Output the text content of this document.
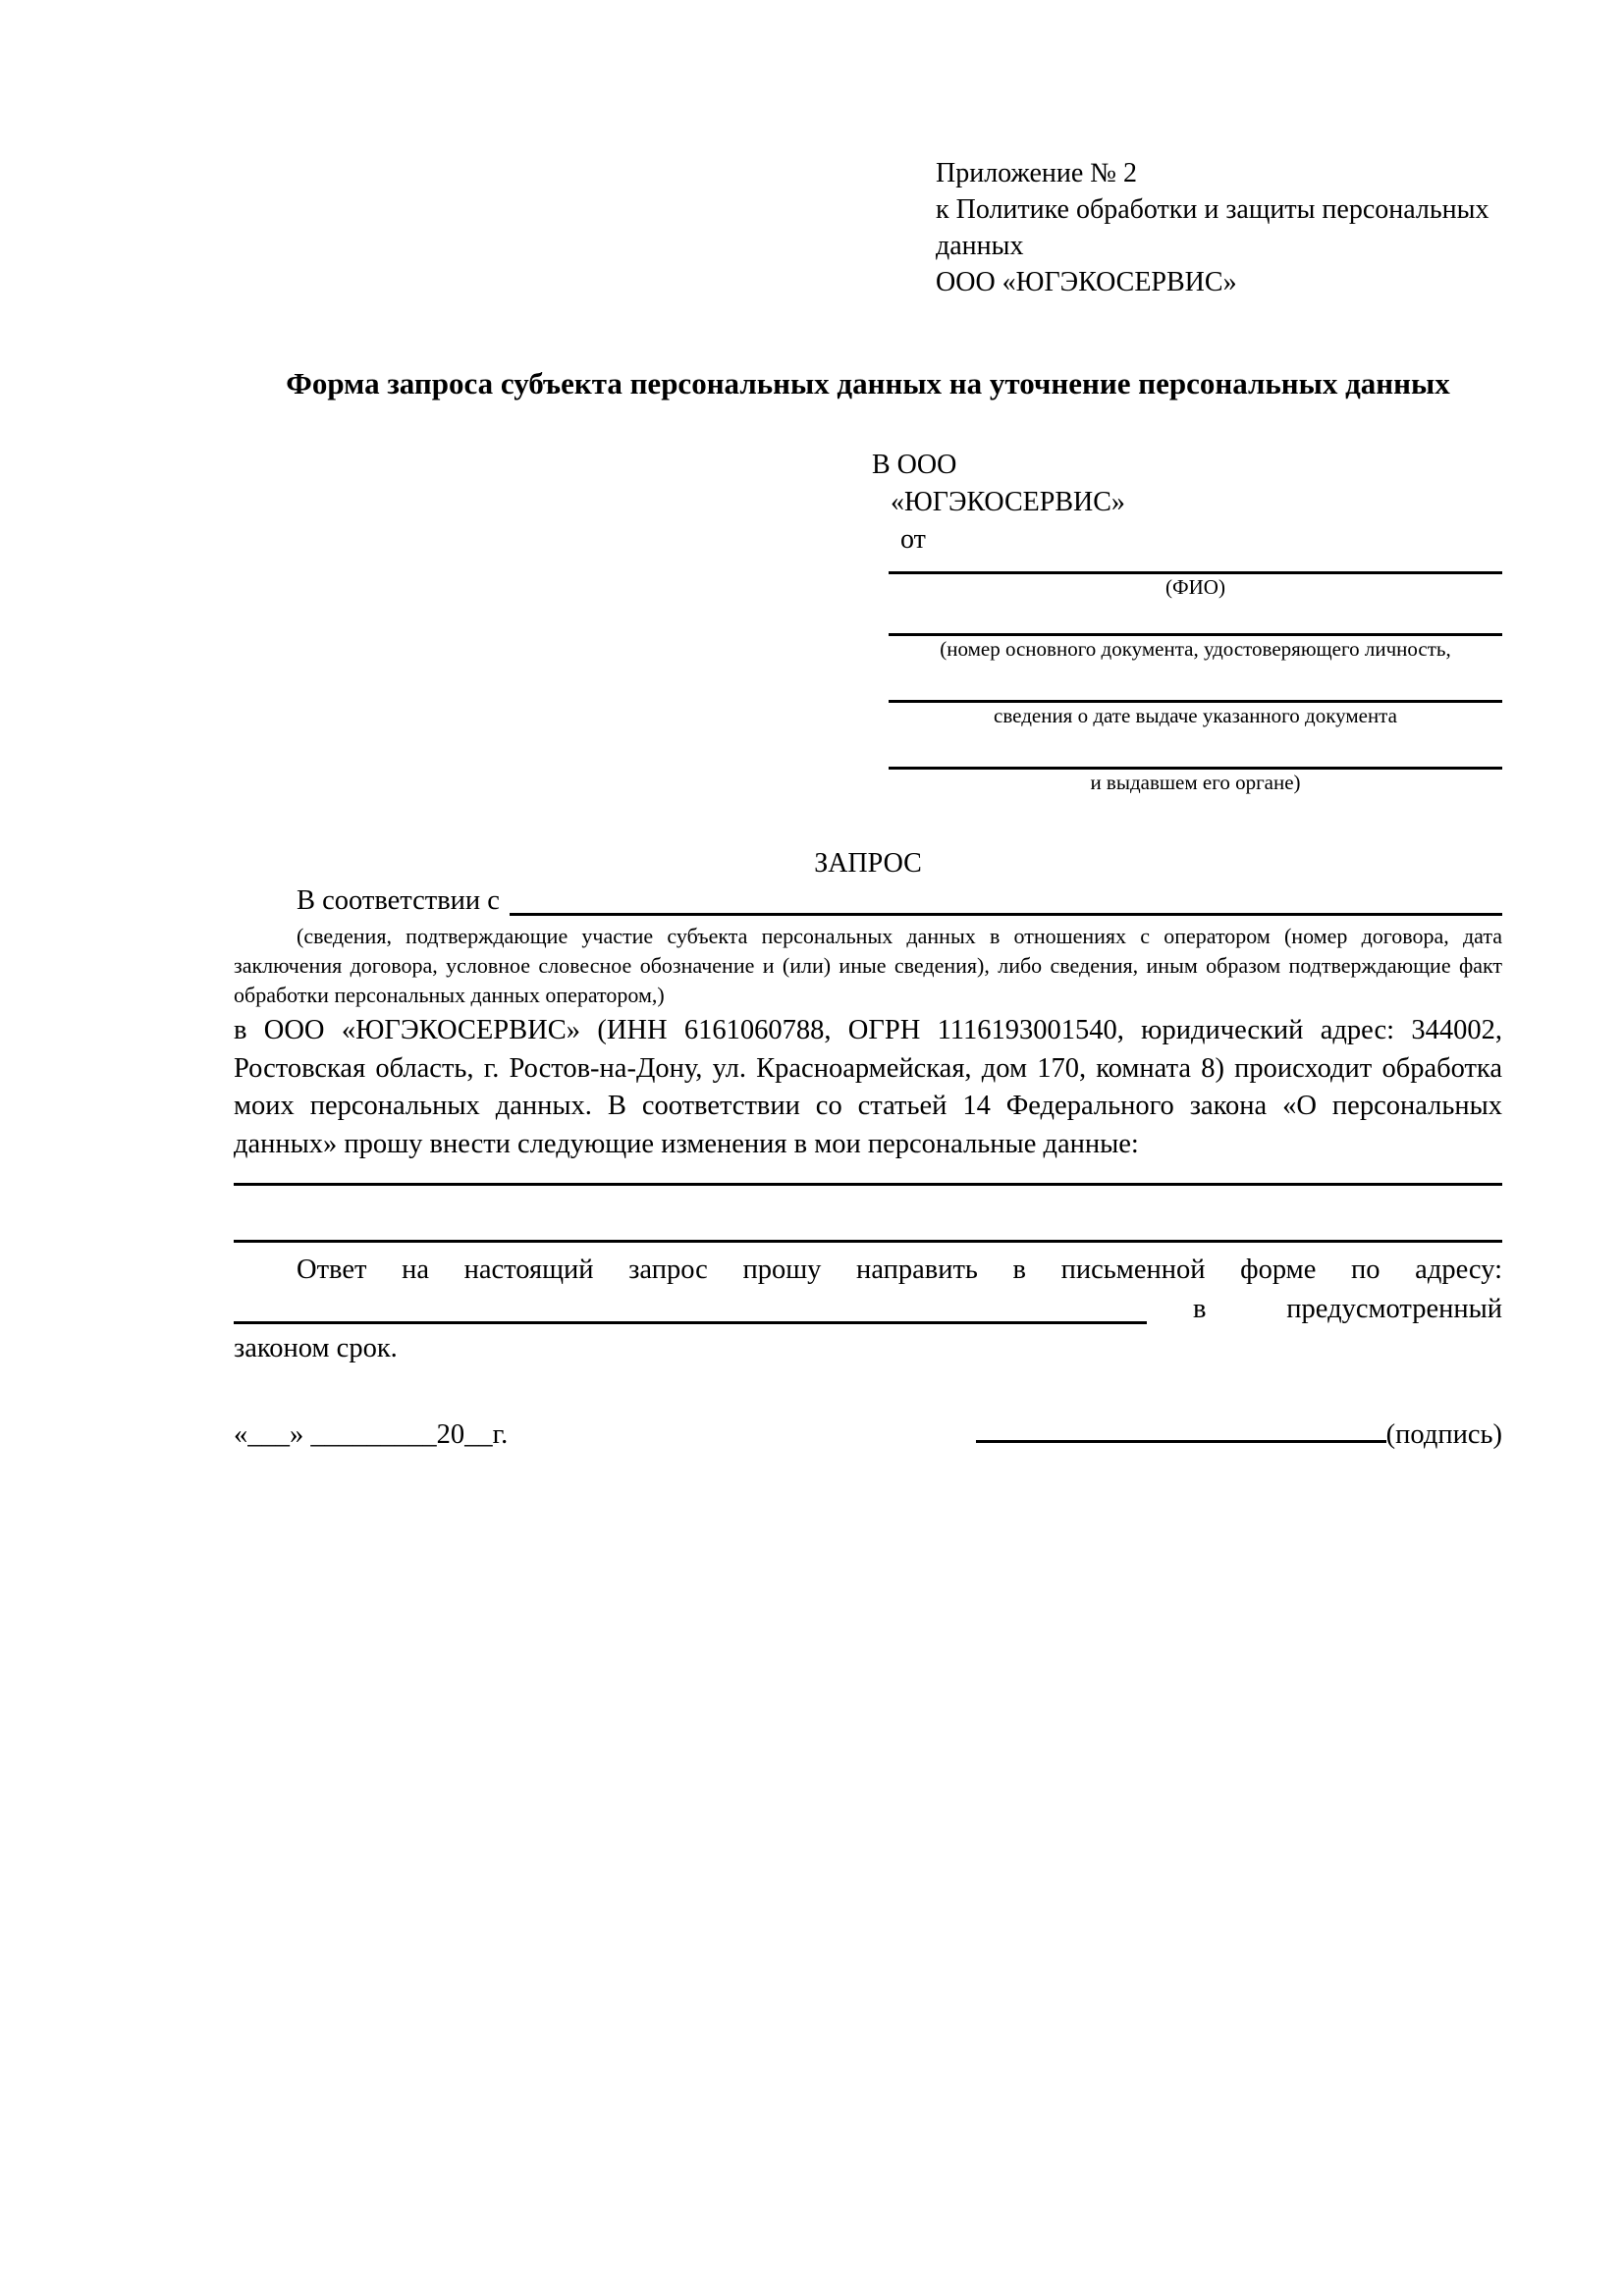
Приложение № 2
к Политике обработки и защиты персональных
данных
ООО «ЮГЭКОСЕРВИС»
Форма запроса субъекта персональных данных на уточнение персональных данных
В ООО
«ЮГЭКОСЕРВИС»
от
(ФИО)
(номер основного документа, удостоверяющего личность,
сведения о дате выдаче указанного документа
и выдавшем его органе)
ЗАПРОС
В соответствии с
(сведения, подтверждающие участие субъекта персональных данных в отношениях с оператором (номер договора, дата заключения договора, условное словесное обозначение и (или) иные сведения), либо сведения, иным образом подтверждающие факт обработки персональных данных оператором,)
в ООО «ЮГЭКОСЕРВИС» (ИНН 6161060788, ОГРН 1116193001540, юридический адрес: 344002, Ростовская область, г. Ростов-на-Дону, ул. Красноармейская, дом 170, комната 8) происходит обработка моих персональных данных. В соответствии со статьей 14 Федерального закона «О персональных данных» прошу внести следующие изменения в мои персональные данные:
Ответ на настоящий запрос прошу направить в письменной форме по адресу:
в предусмотренный
законом срок.
«___» _________20__г.	(подпись)
